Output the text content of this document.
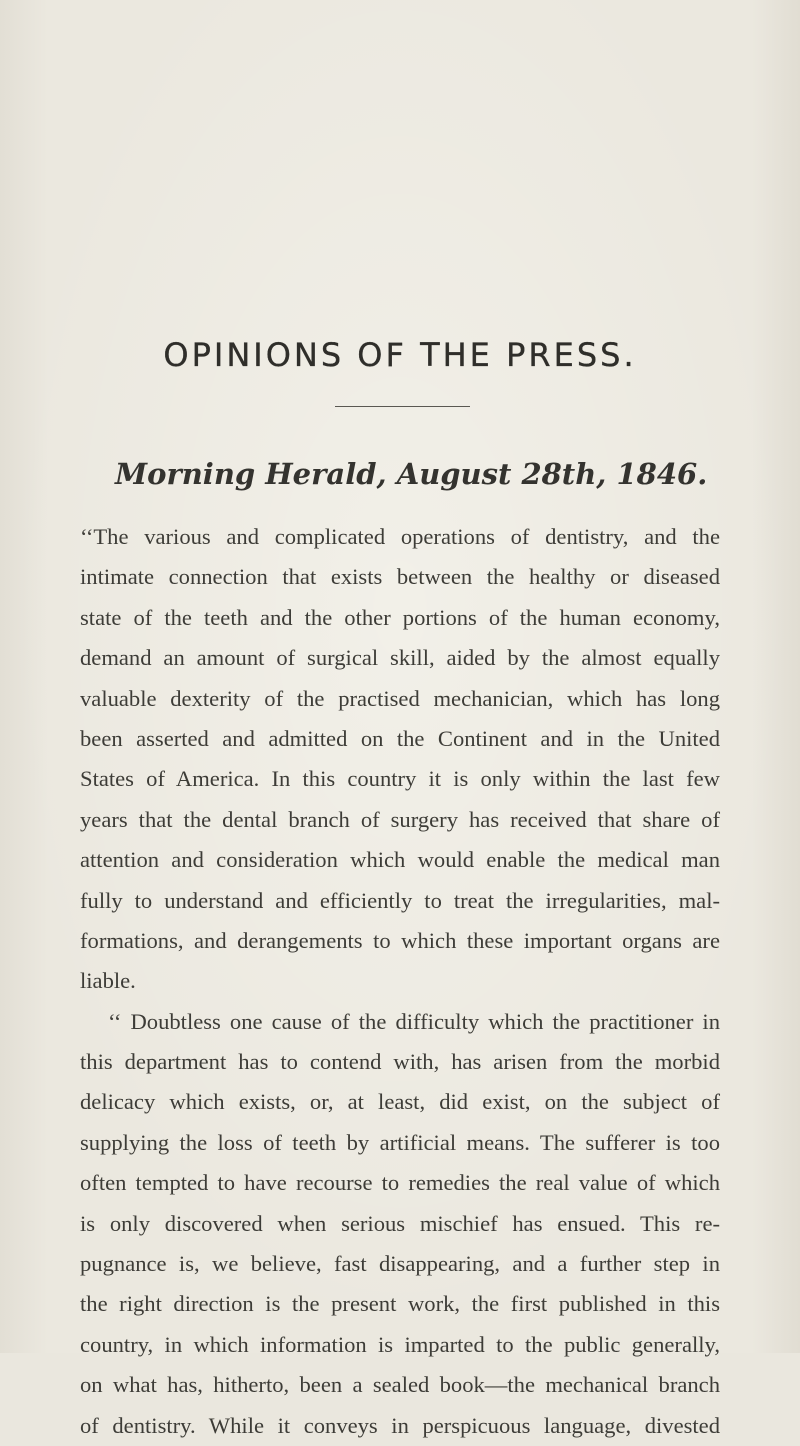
OPINIONS OF THE PRESS.
Morning Herald, August 28th, 1846.
‘‘The various and complicated operations of dentistry, and the
intimate connection that exists between the healthy or diseased
state of the teeth and the other portions of the human economy,
demand an amount of surgical skill, aided by the almost equally
valuable dexterity of the practised mechanician, which has long
been asserted and admitted on the Continent and in the United
States of America. In this country it is only within the last few
years that the dental branch of surgery has received that share of
attention and consideration which would enable the medical man
fully to understand and efficiently to treat the irregularities, mal-
formations, and derangements to which these important organs are
liable.
‘‘ Doubtless one cause of the difficulty which the practitioner in
this department has to contend with, has arisen from the morbid
delicacy which exists, or, at least, did exist, on the subject of
supplying the loss of teeth by artificial means. The sufferer is too
often tempted to have recourse to remedies the real value of which
is only discovered when serious mischief has ensued. This re-
pugnance is, we believe, fast disappearing, and a further step in
the right direction is the present work, the first published in this
country, in which information is imparted to the public generally,
on what has, hitherto, been a sealed book—the mechanical branch
of dentistry. While it conveys in perspicuous language, divested
